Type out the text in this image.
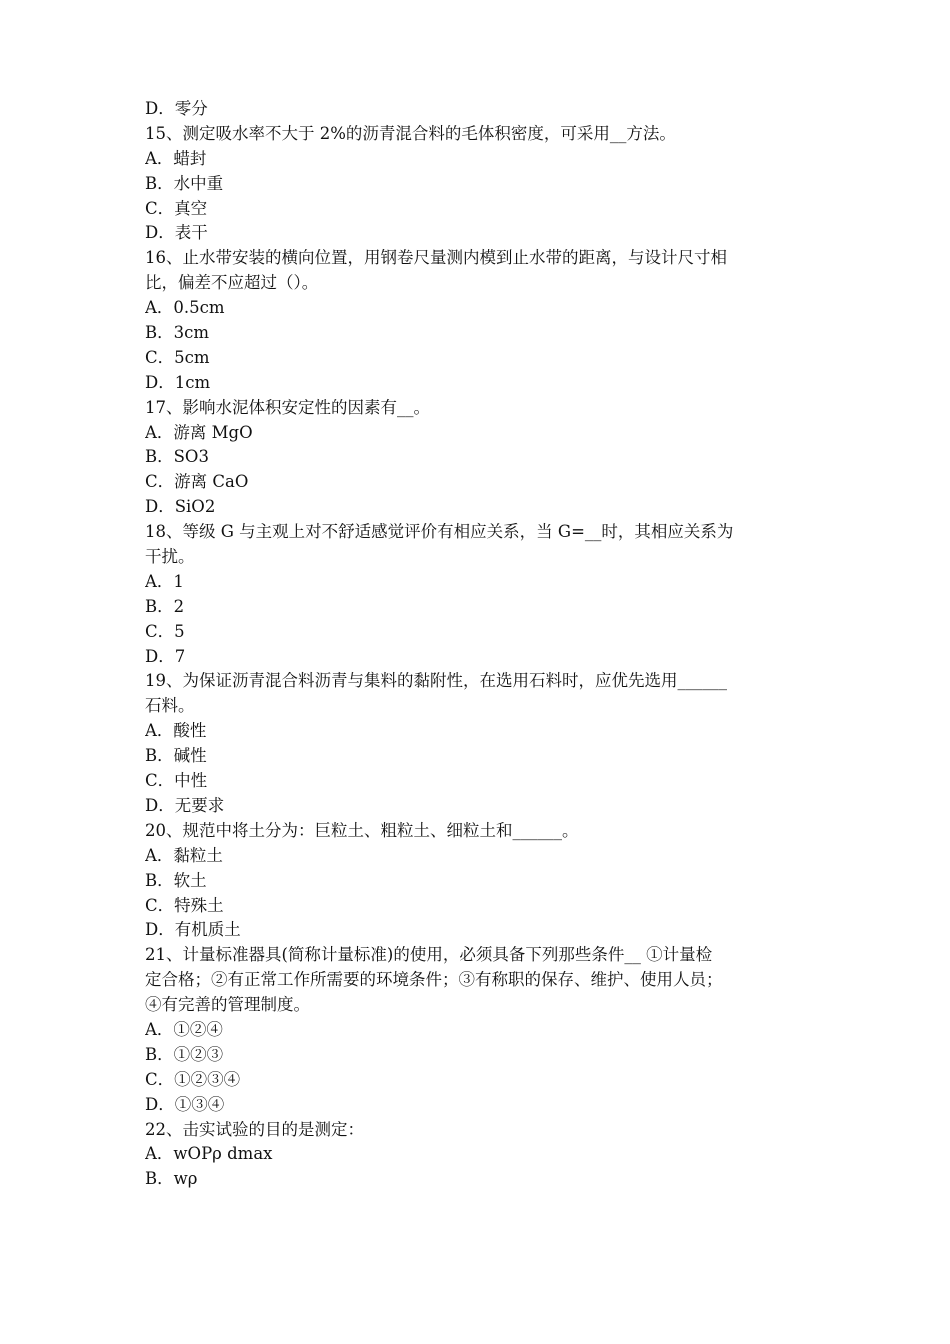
D．零分
15、测定吸水率不大于 2%的沥青混合料的毛体积密度，可采用__方法。
A．蜡封
B．水中重
C．真空
D．表干
16、止水带安装的横向位置，用钢卷尺量测内模到止水带的距离，与设计尺寸相
比，偏差不应超过（）。
A．0.5cm
B．3cm
C．5cm
D．1cm
17、影响水泥体积安定性的因素有__。
A．游离 MgO
B．SO3
C．游离 CaO
D．SiO2
18、等级 G 与主观上对不舒适感觉评价有相应关系，当 G=__时，其相应关系为
干扰。
A．1
B．2
C．5
D．7
19、为保证沥青混合料沥青与集料的黏附性，在选用石料时，应优先选用______
石料。
A．酸性
B．碱性
C．中性
D．无要求
20、规范中将土分为：巨粒土、粗粒土、细粒土和______。
A．黏粒土
B．软土
C．特殊土
D．有机质土
21、计量标准器具(简称计量标准)的使用，必须具备下列那些条件__ ①计量检
定合格；②有正常工作所需要的环境条件；③有称职的保存、维护、使用人员；
④有完善的管理制度。
A．①②④
B．①②③
C．①②③④
D．①③④
22、击实试验的目的是测定：
A．wOPρ dmax
B．wρ
